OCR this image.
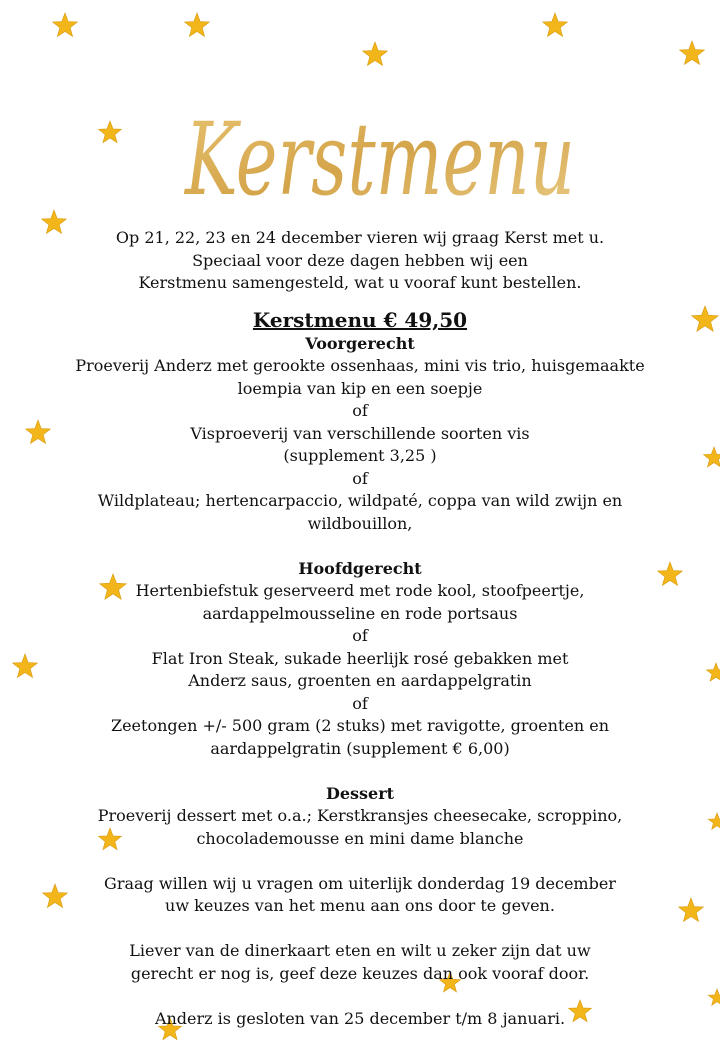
Kerstmenu

Op 21, 22, 23 en 24 december vieren wij graag Kerst met u.

Speciaal voor deze dagen hebben wij een

Kerstmenu samengesteld, wat u vooraf kunt bestellen.

Kerstmenu € 49,50

Voorgerecht

Proeverij Anderz met gerookte ossenhaas, mini vis trio, huisgemaakte

loempia van kip en een soepje

of

Visproeverij van verschillende soorten vis

(supplement 3,25 )

of

Wildplateau; hertencarpaccio, wildpaté, coppa van wild zwijn en

wildbouillon,

Hoofdgerecht

Hertenbiefstuk geserveerd met rode kool, stoofpeertje,

aardappelmousseline en rode portsaus

of

Flat Iron Steak, sukade heerlijk rosé gebakken met

Anderz saus, groenten en aardappelgratin

of

Zeetongen +/- 500 gram (2 stuks) met ravigotte, groenten en

aardappelgratin (supplement € 6,00)

Dessert

Proeverij dessert met o.a.; Kerstkransjes cheesecake, scroppino,

chocolademousse en mini dame blanche

Graag willen wij u vragen om uiterlijk donderdag 19 december

uw keuzes van het menu aan ons door te geven.

Liever van de dinerkaart eten en wilt u zeker zijn dat uw

gerecht er nog is, geef deze keuzes dan ook vooraf door.

Anderz is gesloten van 25 december t/m 8 januari.
